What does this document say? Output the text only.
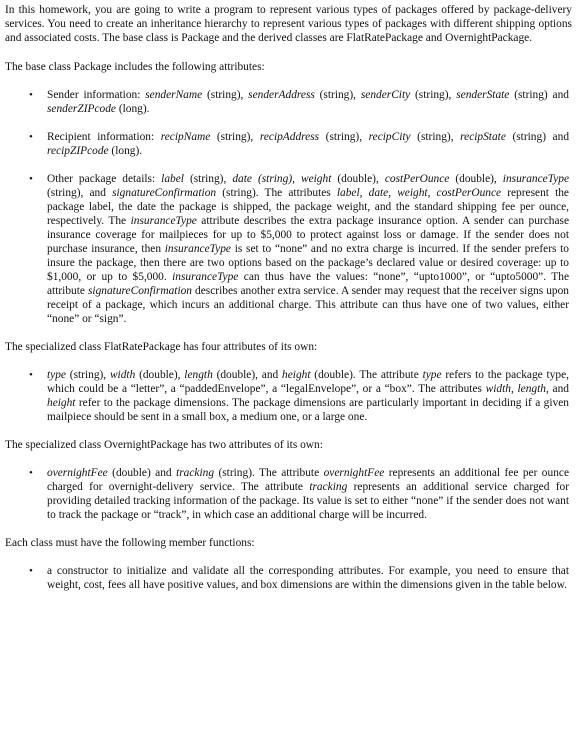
In this homework, you are going to write a program to represent various types of packages offered by package-delivery services. You need to create an inheritance hierarchy to represent various types of packages with different shipping options and associated costs. The base class is Package and the derived classes are FlatRatePackage and OvernightPackage.

The base class Package includes the following attributes:

• Sender information: senderName (string), senderAddress (string), senderCity (string), senderState (string) and senderZIPcode (long).
• Recipient information: recipName (string), recipAddress (string), recipCity (string), recipState (string) and recipZIPcode (long).
• Other package details: label (string), date (string), weight (double), costPerOunce (double), insuranceType (string), and signatureConfirmation (string). The attributes label, date, weight, costPerOunce represent the package label, the date the package is shipped, the package weight, and the standard shipping fee per ounce, respectively. The insuranceType attribute describes the extra package insurance option. A sender can purchase insurance coverage for mailpieces for up to $5,000 to protect against loss or damage. If the sender does not purchase insurance, then insuranceType is set to “none” and no extra charge is incurred. If the sender prefers to insure the package, then there are two options based on the package’s declared value or desired coverage: up to $1,000, or up to $5,000. insuranceType can thus have the values: “none”, “upto1000”, or “upto5000”. The attribute signatureConfirmation describes another extra service. A sender may request that the receiver signs upon receipt of a package, which incurs an additional charge. This attribute can thus have one of two values, either “none” or “sign”.

The specialized class FlatRatePackage has four attributes of its own:

• type (string), width (double), length (double), and height (double). The attribute type refers to the package type, which could be a “letter”, a “paddedEnvelope”, a “legalEnvelope”, or a “box”. The attributes width, length, and height refer to the package dimensions. The package dimensions are particularly important in deciding if a given mailpiece should be sent in a small box, a medium one, or a large one.

The specialized class OvernightPackage has two attributes of its own:

• overnightFee (double) and tracking (string). The attribute overnightFee represents an additional fee per ounce charged for overnight-delivery service. The attribute tracking represents an additional service charged for providing detailed tracking information of the package. Its value is set to either “none” if the sender does not want to track the package or “track”, in which case an additional charge will be incurred.

Each class must have the following member functions:

• a constructor to initialize and validate all the corresponding attributes. For example, you need to ensure that weight, cost, fees all have positive values, and box dimensions are within the dimensions given in the table below.
